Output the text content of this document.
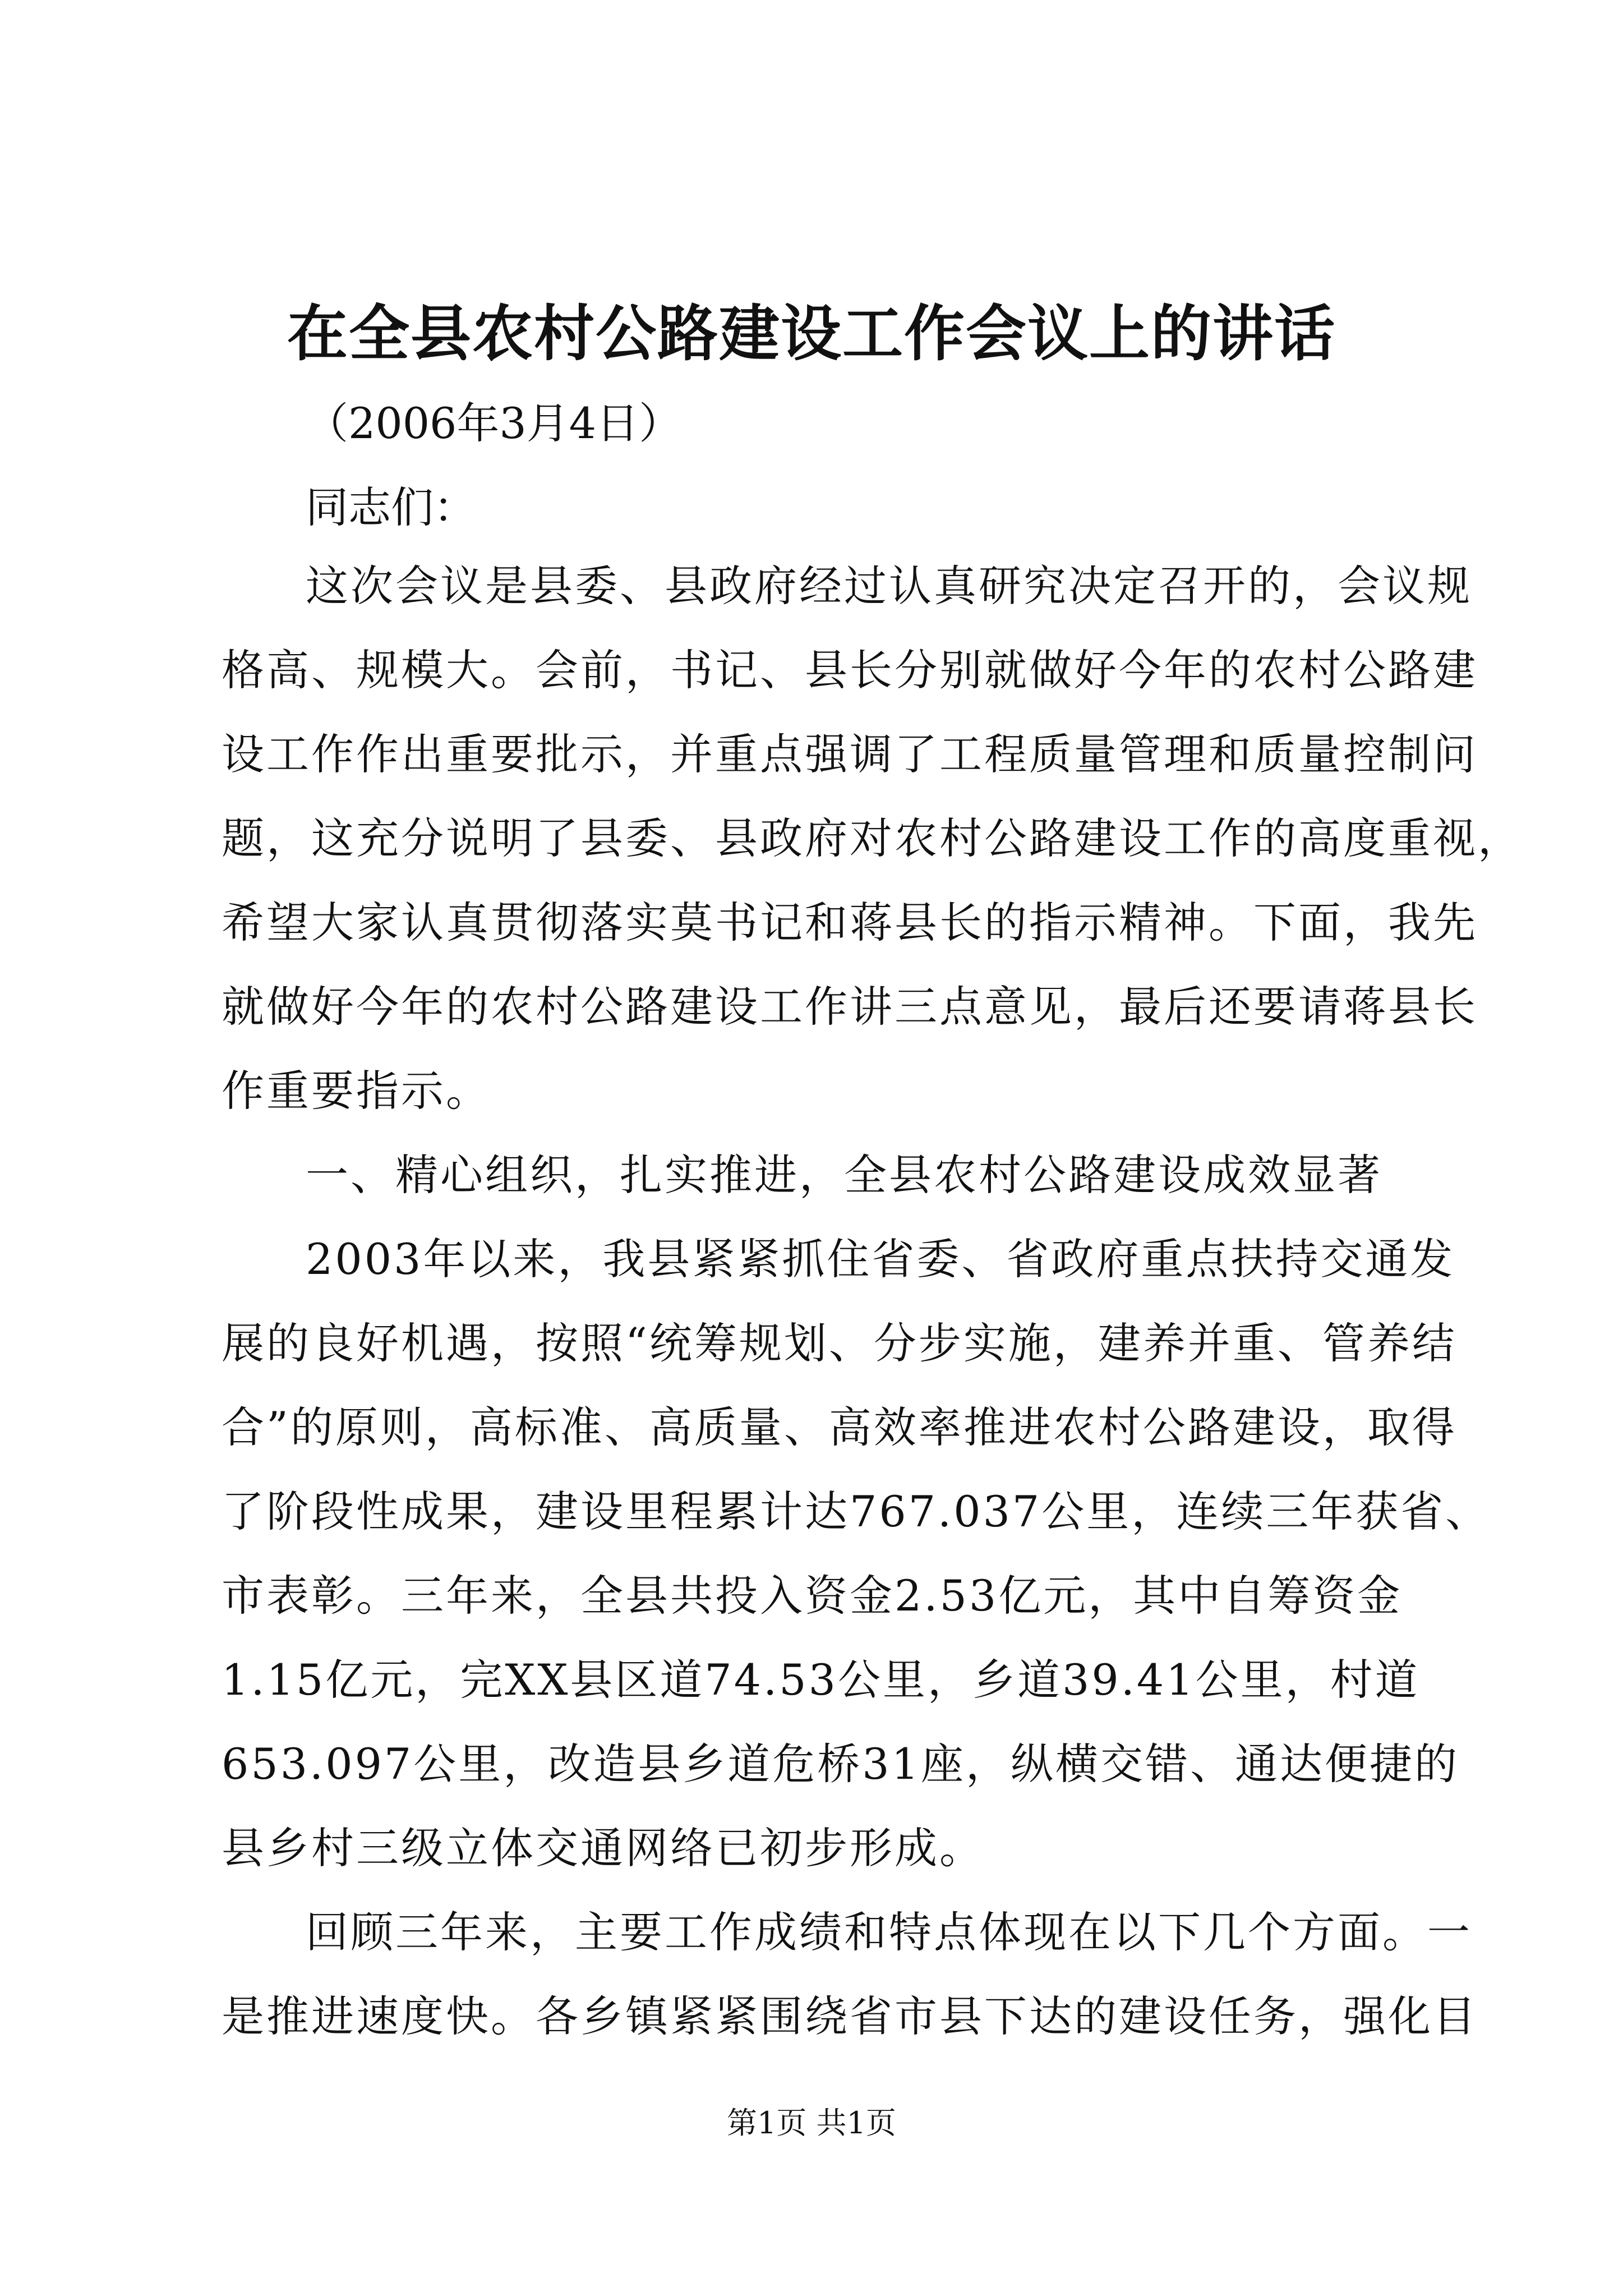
在全县农村公路建设工作会议上的讲话
（2006年3月4日）
同志们：
这次会议是县委、县政府经过认真研究决定召开的，会议规
格高、规模大。会前，书记、县长分别就做好今年的农村公路建
设工作作出重要批示，并重点强调了工程质量管理和质量控制问
题，这充分说明了县委、县政府对农村公路建设工作的高度重视，
希望大家认真贯彻落实莫书记和蒋县长的指示精神。下面，我先
就做好今年的农村公路建设工作讲三点意见，最后还要请蒋县长
作重要指示。
一、精心组织，扎实推进，全县农村公路建设成效显著
2003年以来，我县紧紧抓住省委、省政府重点扶持交通发
展的良好机遇，按照“统筹规划、分步实施，建养并重、管养结
合”的原则，高标准、高质量、高效率推进农村公路建设，取得
了阶段性成果，建设里程累计达767.037公里，连续三年获省、
市表彰。三年来，全县共投入资金2.53亿元，其中自筹资金
1.15亿元，完XX县区道74.53公里，乡道39.41公里，村道
653.097公里，改造县乡道危桥31座，纵横交错、通达便捷的
县乡村三级立体交通网络已初步形成。
回顾三年来，主要工作成绩和特点体现在以下几个方面。一
是推进速度快。各乡镇紧紧围绕省市县下达的建设任务，强化目
第1页 共1页
